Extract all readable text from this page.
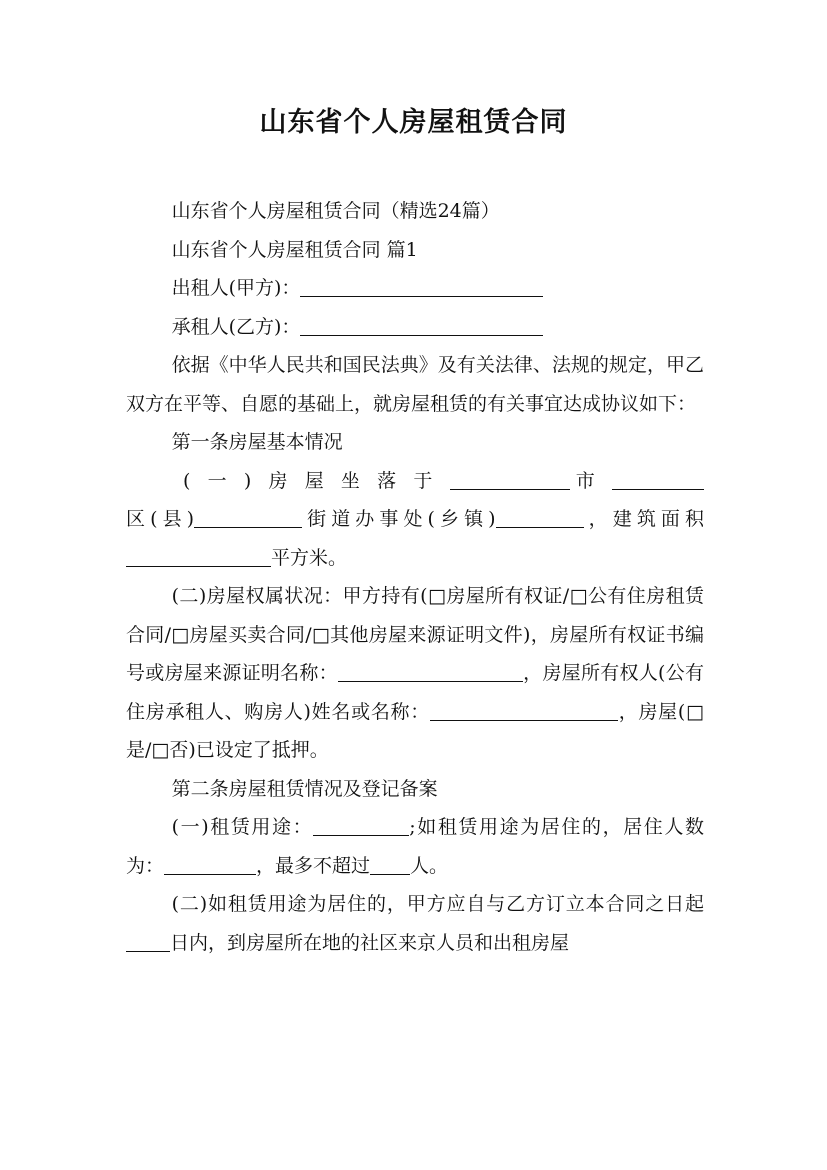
山东省个人房屋租赁合同

山东省个人房屋租赁合同（精选24篇）

山东省个人房屋租赁合同 篇1

出租人(甲方)：

承租人(乙方)：

依据《中华人民共和国民法典》及有关法律、法规的规定，甲乙双方在平等、自愿的基础上，就房屋租赁的有关事宜达成协议如下：

第一条房屋基本情况

(一)房屋坐落于	市 区(县)	街道办事处(乡镇)	，建筑面积 平方米。

(二)房屋权属状况：甲方持有(□房屋所有权证/□公有住房租赁合同/□房屋买卖合同/□其他房屋来源证明文件)，房屋所有权证书编号或房屋来源证明名称：	，房屋所有权人(公有住房承租人、购房人)姓名或名称：	，房屋(□是/□否)已设定了抵押。

第二条房屋租赁情况及登记备案

(一)租赁用途：	;如租赁用途为居住的，居住人数为：	，最多不超过 人。

(二)如租赁用途为居住的，甲方应自与乙方订立本合同之日起日内，到房屋所在地的社区来京人员和出租房屋
